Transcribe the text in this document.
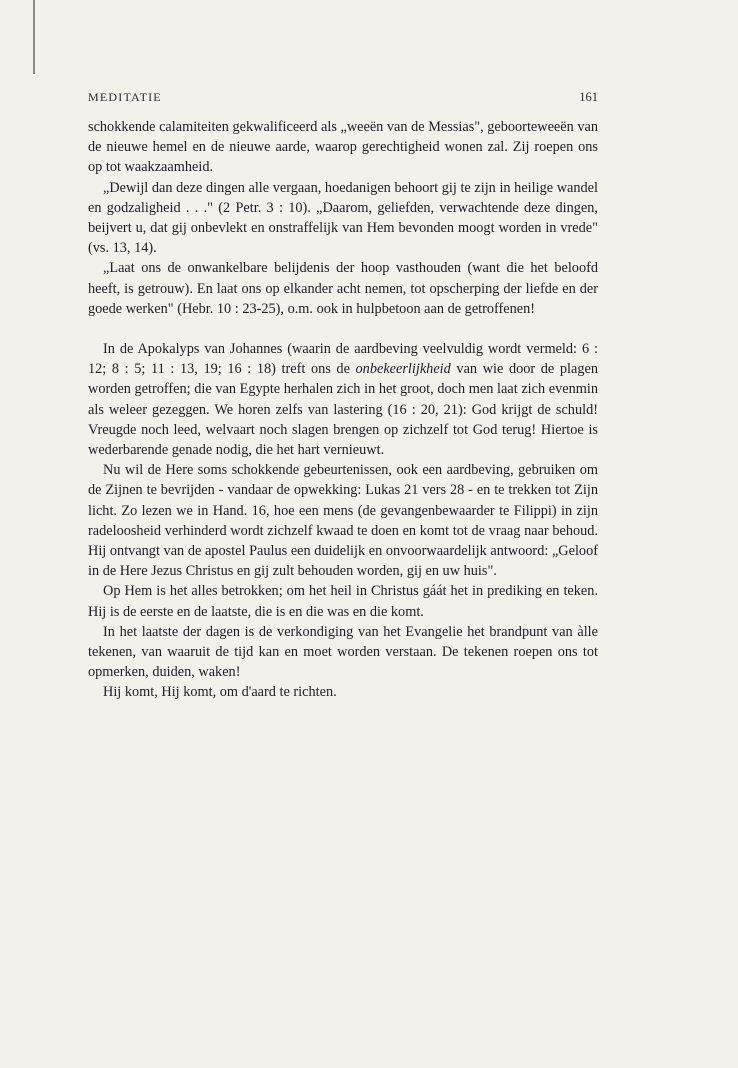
MEDITATIE	161

schokkende calamiteiten gekwalificeerd als „weeën van de Messias", geboorteweeën van de nieuwe hemel en de nieuwe aarde, waarop gerechtigheid wonen zal. Zij roepen ons op tot waakzaamheid.

„Dewijl dan deze dingen alle vergaan, hoedanigen behoort gij te zijn in heilige wandel en godzaligheid . . ." (2 Petr. 3 : 10). „Daarom, geliefden, verwachtende deze dingen, beijvert u, dat gij onbevlekt en onstraffelijk van Hem bevonden moogt worden in vrede" (vs. 13, 14).

„Laat ons de onwankelbare belijdenis der hoop vasthouden (want die het beloofd heeft, is getrouw). En laat ons op elkander acht nemen, tot opscherping der liefde en der goede werken" (Hebr. 10 : 23-25), o.m. ook in hulpbetoon aan de getroffenen!

In de Apokalyps van Johannes (waarin de aardbeving veelvuldig wordt vermeld: 6 : 12; 8 : 5; 11 : 13, 19; 16 : 18) treft ons de onbekeerlijkheid van wie door de plagen worden getroffen; die van Egypte herhalen zich in het groot, doch men laat zich evenmin als weleer gezeggen. We horen zelfs van lastering (16 : 20, 21): God krijgt de schuld! Vreugde noch leed, welvaart noch slagen brengen op zichzelf tot God terug! Hiertoe is wederbarende genade nodig, die het hart vernieuwt.

Nu wil de Here soms schokkende gebeurtenissen, ook een aardbeving, gebruiken om de Zijnen te bevrijden - vandaar de opwekking: Lukas 21 vers 28 - en te trekken tot Zijn licht. Zo lezen we in Hand. 16, hoe een mens (de gevangenbewaarder te Filippi) in zijn radeloosheid verhinderd wordt zichzelf kwaad te doen en komt tot de vraag naar behoud. Hij ontvangt van de apostel Paulus een duidelijk en onvoorwaardelijk antwoord: „Geloof in de Here Jezus Christus en gij zult behouden worden, gij en uw huis".

Op Hem is het alles betrokken; om het heil in Christus gáát het in prediking en teken. Hij is de eerste en de laatste, die is en die was en die komt.

In het laatste der dagen is de verkondiging van het Evangelie het brandpunt van àlle tekenen, van waaruit de tijd kan en moet worden verstaan. De tekenen roepen ons tot opmerken, duiden, waken!

Hij komt, Hij komt, om d'aard te richten.
